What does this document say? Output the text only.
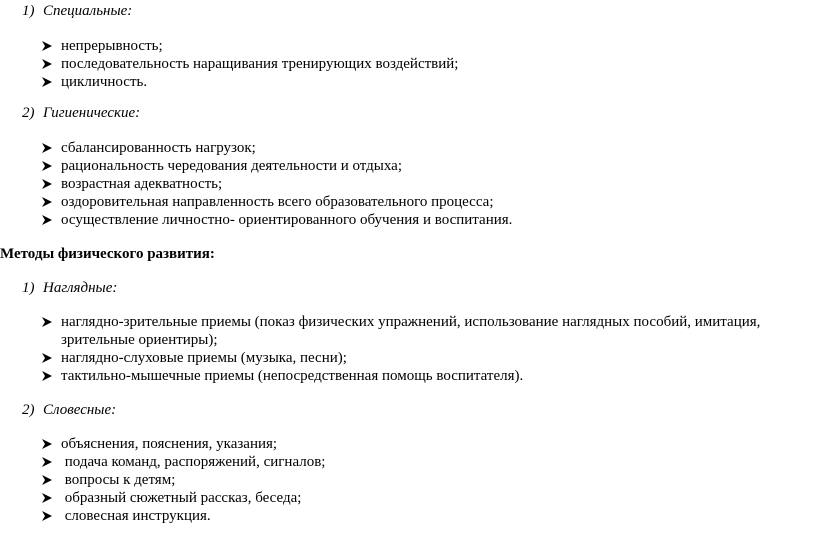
1) Специальные:
непрерывность;
последовательность наращивания тренирующих воздействий;
цикличность.
2) Гигиенические:
сбалансированность нагрузок;
рациональность чередования деятельности и отдыха;
возрастная адекватность;
оздоровительная направленность всего образовательного процесса;
осуществление личностно- ориентированного обучения и воспитания.
Методы физического развития:
1) Наглядные:
наглядно-зрительные приемы (показ физических упражнений, использование наглядных пособий, имитация,
зрительные ориентиры);
наглядно-слуховые приемы (музыка, песни);
тактильно-мышечные приемы (непосредственная помощь воспитателя).
2) Словесные:
объяснения, пояснения, указания;
подача команд, распоряжений, сигналов;
вопросы к детям;
образный сюжетный рассказ, беседа;
словесная инструкция.
